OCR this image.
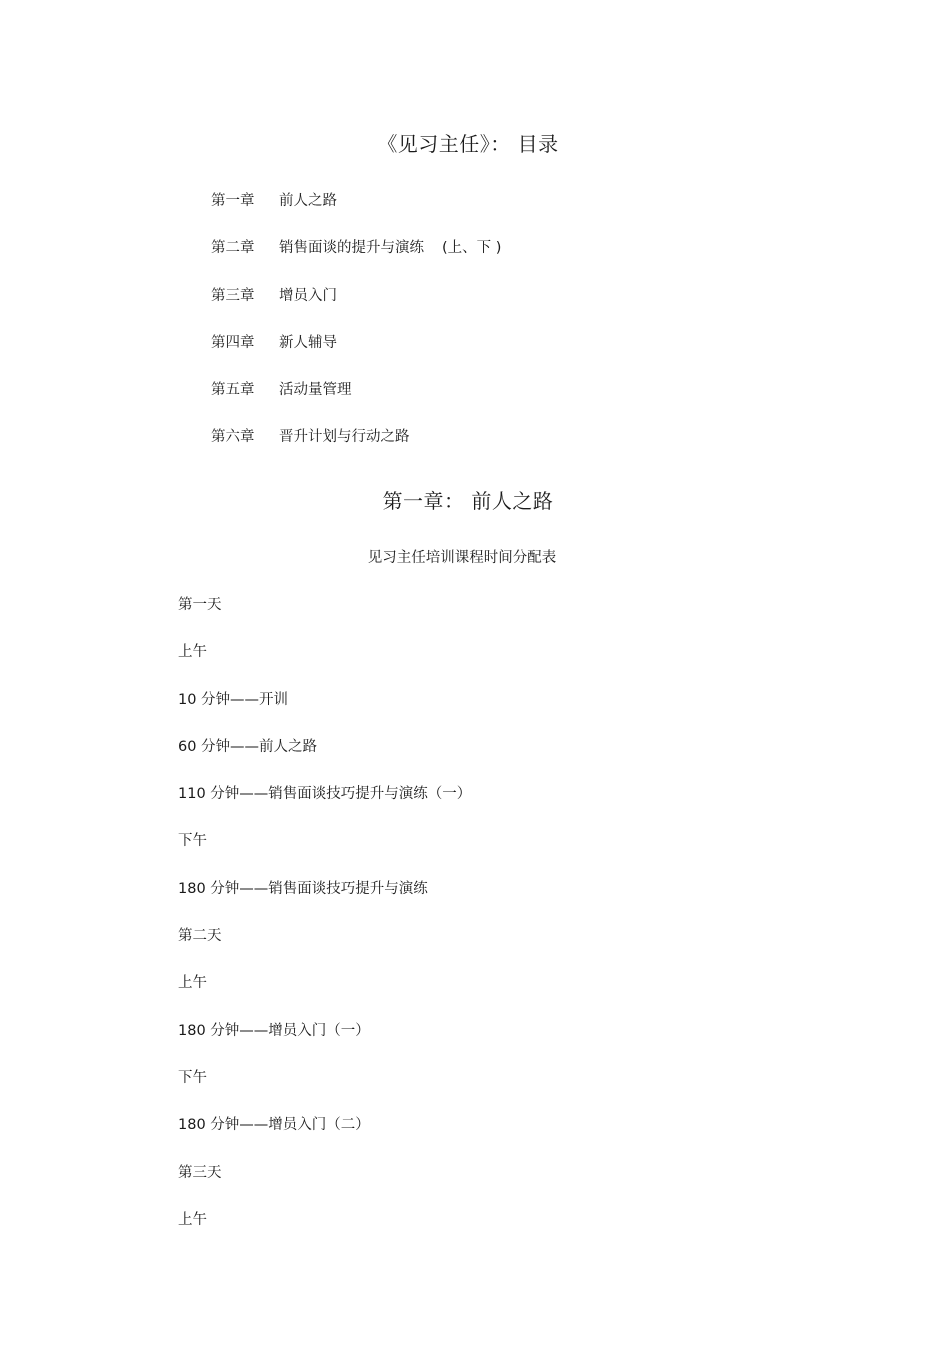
《见习主任》： 目录
第一章 前人之路
第二章 销售面谈的提升与演练 (上、下 )
第三章 增员入门
第四章 新人辅导
第五章 活动量管理
第六章 晋升计划与行动之路
第一章： 前人之路
见习主任培训课程时间分配表
第一天
上午
10 分钟——开训
60 分钟——前人之路
110 分钟——销售面谈技巧提升与演练（一）
下午
180 分钟——销售面谈技巧提升与演练
第二天
上午
180 分钟——增员入门（一）
下午
180 分钟——增员入门（二）
第三天
上午
